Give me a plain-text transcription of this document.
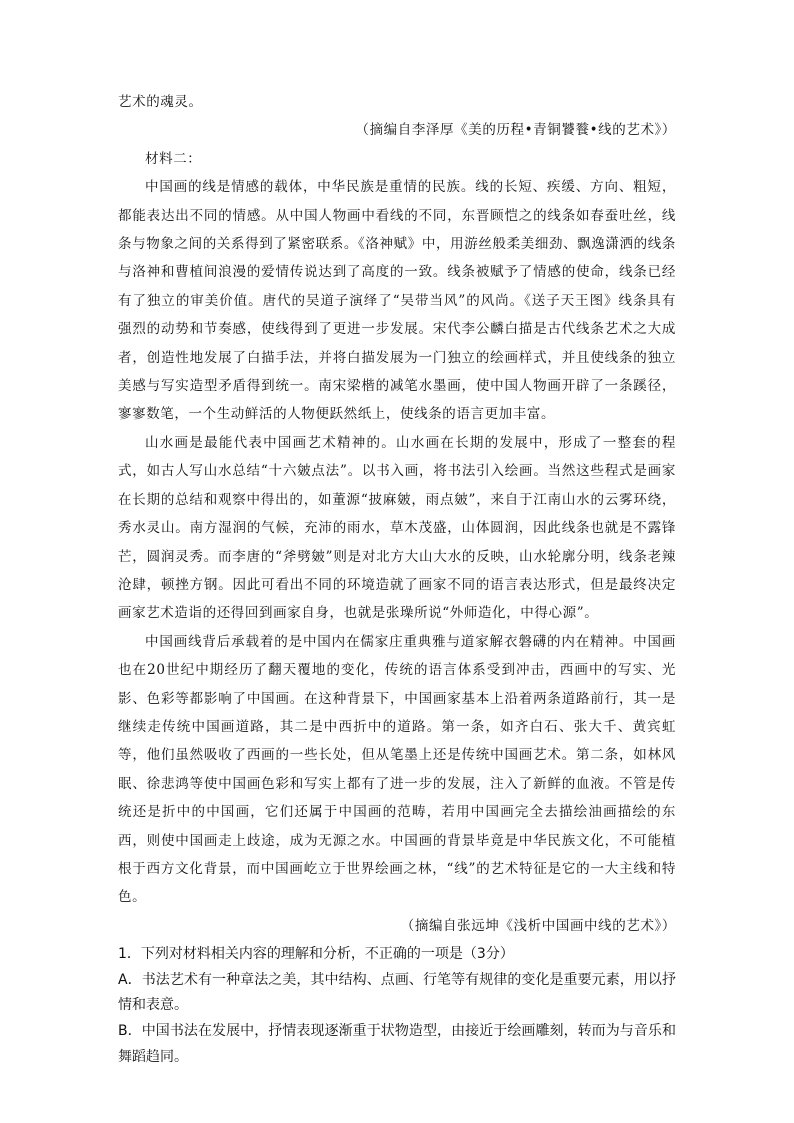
艺术的魂灵。

（摘编自李泽厚《美的历程•青铜饕餮•线的艺术》）

材料二：

中国画的线是情感的载体，中华民族是重情的民族。线的长短、疾缓、方向、粗短，都能表达出不同的情感。从中国人物画中看线的不同，东晋顾恺之的线条如春蚕吐丝，线条与物象之间的关系得到了紧密联系。《洛神赋》中，用游丝般柔美细劲、飘逸潇洒的线条与洛神和曹植间浪漫的爱情传说达到了高度的一致。线条被赋予了情感的使命，线条已经有了独立的审美价值。唐代的吴道子演绎了“吴带当风”的风尚。《送子天王图》线条具有强烈的动势和节奏感，使线得到了更进一步发展。宋代李公麟白描是古代线条艺术之大成者，创造性地发展了白描手法，并将白描发展为一门独立的绘画样式，并且使线条的独立美感与写实造型矛盾得到统一。南宋梁楷的减笔水墨画，使中国人物画开辟了一条蹊径，寥寥数笔，一个生动鲜活的人物便跃然纸上，使线条的语言更加丰富。

山水画是最能代表中国画艺术精神的。山水画在长期的发展中，形成了一整套的程式，如古人写山水总结“十六皴点法”。以书入画，将书法引入绘画。当然这些程式是画家在长期的总结和观察中得出的，如董源“披麻皴，雨点皴”，来自于江南山水的云雾环绕，秀水灵山。南方湿润的气候，充沛的雨水，草木茂盛，山体圆润，因此线条也就是不露锋芒，圆润灵秀。而李唐的“斧劈皴”则是对北方大山大水的反映，山水轮廓分明，线条老辣沧肆，顿挫方钢。因此可看出不同的环境造就了画家不同的语言表达形式，但是最终决定画家艺术造诣的还得回到画家自身，也就是张璪所说“外师造化，中得心源”。

中国画线背后承载着的是中国内在儒家庄重典雅与道家解衣磐礴的内在精神。中国画也在20世纪中期经历了翻天覆地的变化，传统的语言体系受到冲击，西画中的写实、光影、色彩等都影响了中国画。在这种背景下，中国画家基本上沿着两条道路前行，其一是继续走传统中国画道路，其二是中西折中的道路。第一条，如齐白石、张大千、黄宾虹等，他们虽然吸收了西画的一些长处，但从笔墨上还是传统中国画艺术。第二条，如林风眠、徐悲鸿等使中国画色彩和写实上都有了进一步的发展，注入了新鲜的血液。不管是传统还是折中的中国画，它们还属于中国画的范畴，若用中国画完全去描绘油画描绘的东西，则使中国画走上歧途，成为无源之水。中国画的背景毕竟是中华民族文化，不可能植根于西方文化背景，而中国画屹立于世界绘画之林，“线”的艺术特征是它的一大主线和特色。

（摘编自张远坤《浅析中国画中线的艺术》）

1．下列对材料相关内容的理解和分析，不正确的一项是（3分）

A．书法艺术有一种章法之美，其中结构、点画、行笔等有规律的变化是重要元素，用以抒情和表意。

B．中国书法在发展中，抒情表现逐渐重于状物造型，由接近于绘画雕刻，转而为与音乐和舞蹈趋同。
